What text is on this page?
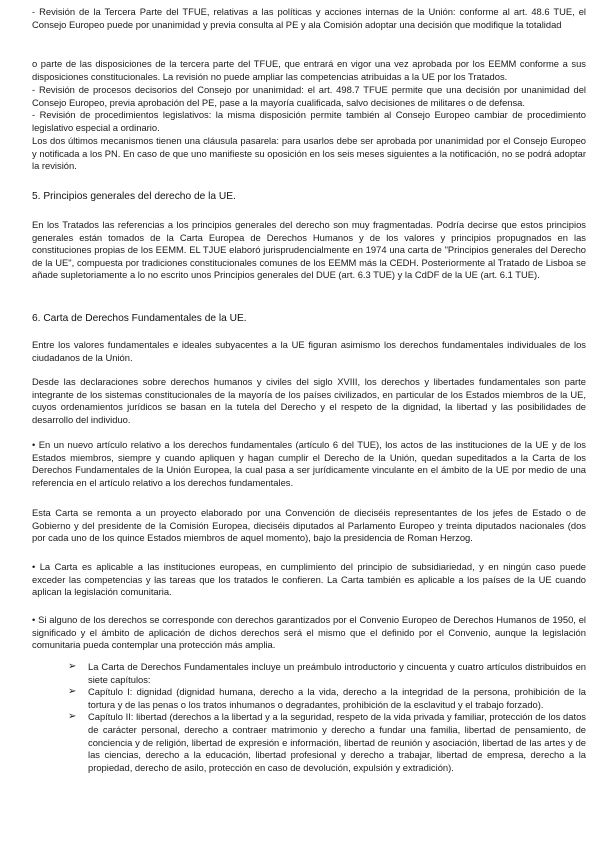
- Revisión de la Tercera Parte del TFUE, relativas a las políticas y acciones internas de la Unión: conforme al art. 48.6 TUE, el Consejo Europeo puede por unanimidad y previa consulta al PE y ala Comisión adoptar una decisión que modifique la totalidad

o parte de las disposiciones de la tercera parte del TFUE, que entrará en vigor una vez aprobada por los EEMM conforme a sus disposiciones constitucionales. La revisión no puede ampliar las competencias atribuidas a la UE por los Tratados.

- Revisión de procesos decisorios del Consejo por unanimidad: el art. 498.7 TFUE permite que una decisión por unanimidad del Consejo Europeo, previa aprobación del PE, pase a la mayoría cualificada, salvo decisiones de militares o de defensa.

- Revisión de procedimientos legislativos: la misma disposición permite también al Consejo Europeo cambiar de procedimiento legislativo especial a ordinario.

Los dos últimos mecanismos tienen una cláusula pasarela: para usarlos debe ser aprobada por unanimidad por el Consejo Europeo y notificada a los PN. En caso de que uno manifieste su oposición en los seis meses siguientes a la notificación, no se podrá adoptar la revisión.

5. Principios generales del derecho de la UE.

En los Tratados las referencias a los principios generales del derecho son muy fragmentadas. Podría decirse que estos principios generales están tomados de la Carta Europea de Derechos Humanos y de los valores y principios propugnados en las constituciones propias de los EEMM. EL TJUE elaboró jurisprudencialmente en 1974 una carta de "Principios generales del Derecho de la UE", compuesta por tradiciones constitucionales comunes de los EEMM más la CEDH. Posteriormente al Tratado de Lisboa se añade supletoriamente a lo no escrito unos Principios generales del DUE (art. 6.3 TUE) y la CdDF de la UE (art. 6.1 TUE).

6. Carta de Derechos Fundamentales de la UE.

Entre los valores fundamentales e ideales subyacentes a la UE figuran asimismo los derechos fundamentales individuales de los ciudadanos de la Unión.

Desde las declaraciones sobre derechos humanos y civiles del siglo XVIII, los derechos y libertades fundamentales son parte integrante de los sistemas constitucionales de la mayoría de los países civilizados, en particular de los Estados miembros de la UE, cuyos ordenamientos jurídicos se basan en la tutela del Derecho y el respeto de la dignidad, la libertad y las posibilidades de desarrollo del individuo.

• En un nuevo artículo relativo a los derechos fundamentales (artículo 6 del TUE), los actos de las instituciones de la UE y de los Estados miembros, siempre y cuando apliquen y hagan cumplir el Derecho de la Unión, quedan supeditados a la Carta de los Derechos Fundamentales de la Unión Europea, la cual pasa a ser jurídicamente vinculante en el ámbito de la UE por medio de una referencia en el artículo relativo a los derechos fundamentales.

Esta Carta se remonta a un proyecto elaborado por una Convención de dieciséis representantes de los jefes de Estado o de Gobierno y del presidente de la Comisión Europea, dieciséis diputados al Parlamento Europeo y treinta diputados nacionales (dos por cada uno de los quince Estados miembros de aquel momento), bajo la presidencia de Roman Herzog.

• La Carta es aplicable a las instituciones europeas, en cumplimiento del principio de subsidiariedad, y en ningún caso puede exceder las competencias y las tareas que los tratados le confieren. La Carta también es aplicable a los países de la UE cuando aplican la legislación comunitaria.

• Si alguno de los derechos se corresponde con derechos garantizados por el Convenio Europeo de Derechos Humanos de 1950, el significado y el ámbito de aplicación de dichos derechos será el mismo que el definido por el Convenio, aunque la legislación comunitaria pueda contemplar una protección más amplia.

➢ La Carta de Derechos Fundamentales incluye un preámbulo introductorio y cincuenta y cuatro artículos distribuidos en siete capítulos:
➢ Capítulo I: dignidad (dignidad humana, derecho a la vida, derecho a la integridad de la persona, prohibición de la tortura y de las penas o los tratos inhumanos o degradantes, prohibición de la esclavitud y el trabajo forzado).
➢ Capítulo II: libertad (derechos a la libertad y a la seguridad, respeto de la vida privada y familiar, protección de los datos de carácter personal, derecho a contraer matrimonio y derecho a fundar una familia, libertad de pensamiento, de conciencia y de religión, libertad de expresión e información, libertad de reunión y asociación, libertad de las artes y de las ciencias, derecho a la educación, libertad profesional y derecho a trabajar, libertad de empresa, derecho a la propiedad, derecho de asilo, protección en caso de devolución, expulsión y extradición).
